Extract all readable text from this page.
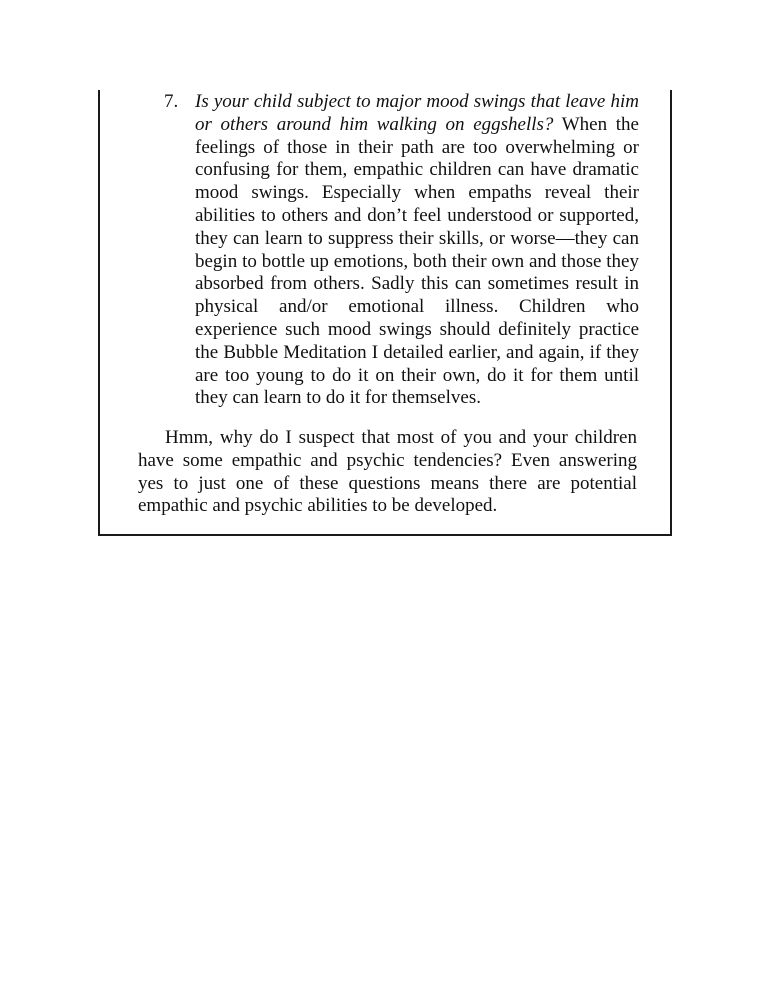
7. Is your child subject to major mood swings that leave him or others around him walking on eggshells? When the feelings of those in their path are too overwhelming or confusing for them, empathic children can have dramatic mood swings. Especially when empaths reveal their abilities to others and don’t feel understood or supported, they can learn to suppress their skills, or worse—they can begin to bottle up emotions, both their own and those they absorbed from others. Sadly this can sometimes result in physical and/or emotional illness. Children who experience such mood swings should definitely practice the Bubble Meditation I detailed earlier, and again, if they are too young to do it on their own, do it for them until they can learn to do it for themselves.

Hmm, why do I suspect that most of you and your children have some empathic and psychic tendencies? Even answering yes to just one of these questions means there are potential empathic and psychic abilities to be developed.
